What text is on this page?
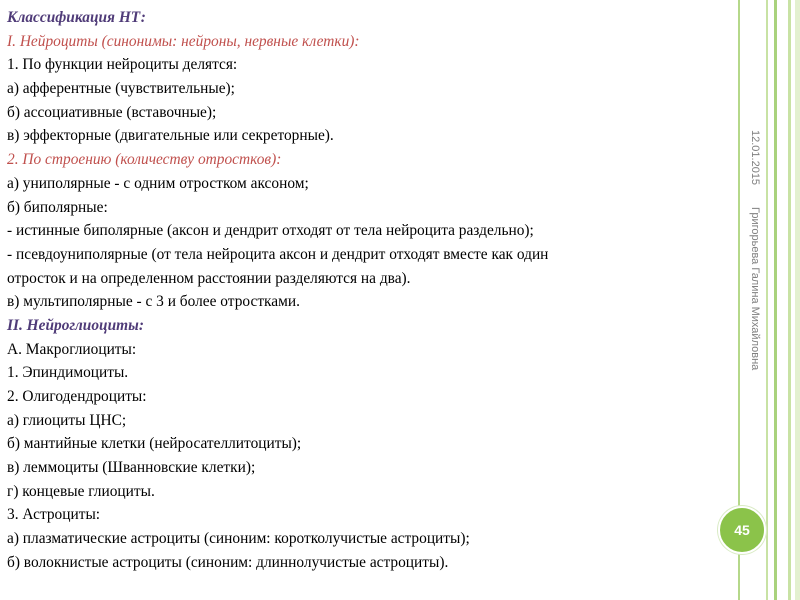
Классификация НТ:
I. Нейроциты (синонимы: нейроны, нервные клетки):
1. По функции нейроциты делятся:
а) афферентные (чувствительные);
б) ассоциативные (вставочные);
в) эффекторные (двигательные или секреторные).
2. По строению (количеству отростков):
а) униполярные - с одним отростком аксоном;
б) биполярные:
- истинные биполярные (аксон и дендрит отходят от тела нейроцита раздельно);
- псевдоуниполярные (от тела нейроцита аксон и дендрит отходят вместе как один
отросток и на определенном расстоянии разделяются на два).
в) мультиполярные - с 3 и более отростками.
II. Нейроглиоциты:
А. Макроглиоциты:
1. Эпиндимоциты.
2. Олигодендроциты:
а) глиоциты ЦНС;
б) мантийные клетки (нейросателлитоциты);
в) леммоциты (Шванновские клетки);
г) концевые глиоциты.
3. Астроциты:
а) плазматические астроциты (синоним: коротколучистые астроциты);
б) волокнистые астроциты (синоним: длиннолучистые астроциты).
12.01.2015
Григорьева Галина Михайловна
45
